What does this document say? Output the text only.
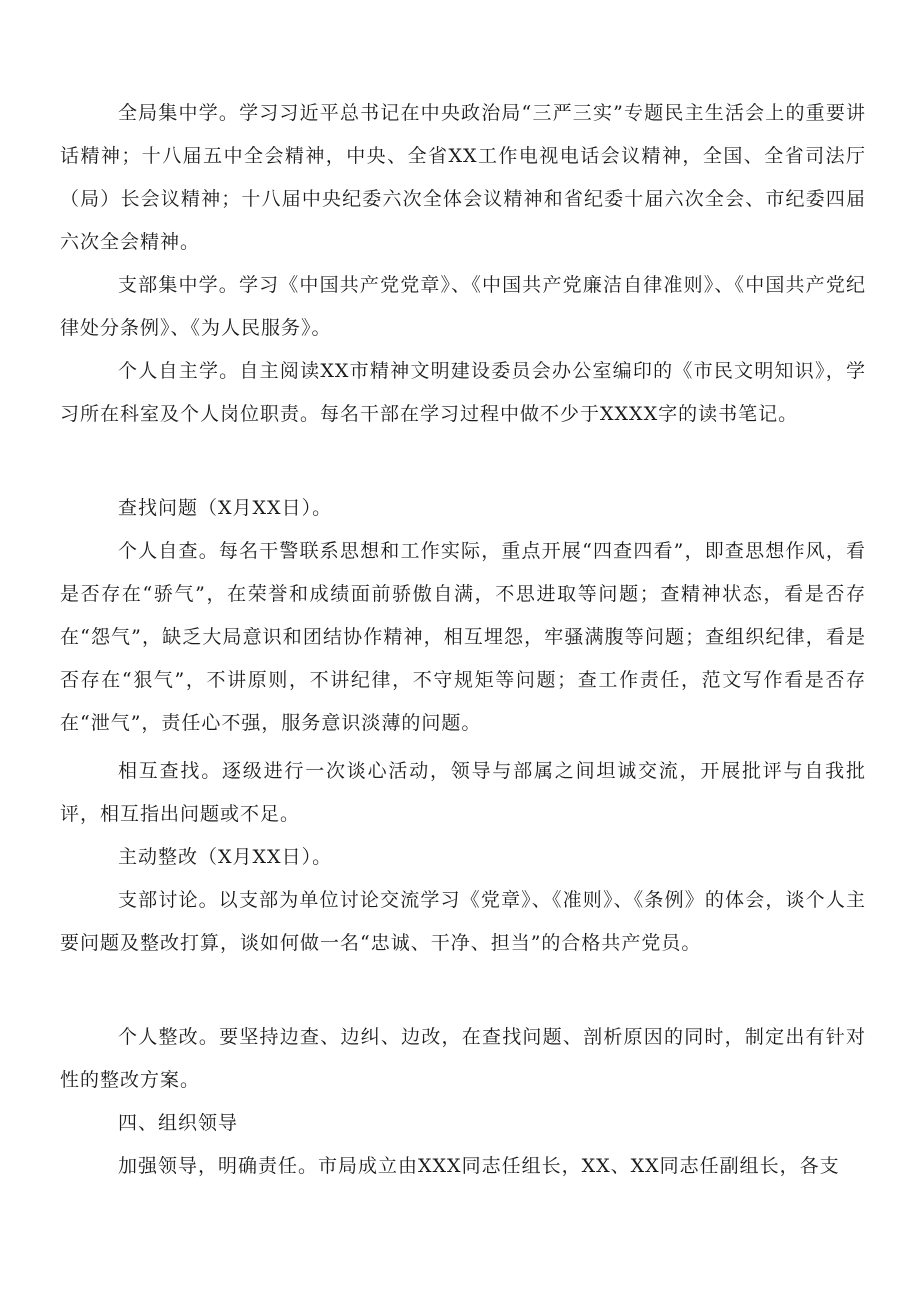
全局集中学。学习习近平总书记在中央政治局“三严三实”专题民主生活会上的重要讲话精神；十八届五中全会精神，中央、全省XX工作电视电话会议精神，全国、全省司法厅（局）长会议精神；十八届中央纪委六次全体会议精神和省纪委十届六次全会、市纪委四届六次全会精神。

支部集中学。学习《中国共产党党章》、《中国共产党廉洁自律准则》、《中国共产党纪律处分条例》、《为人民服务》。

个人自主学。自主阅读XX市精神文明建设委员会办公室编印的《市民文明知识》，学习所在科室及个人岗位职责。每名干部在学习过程中做不少于XXXX字的读书笔记。

查找问题（X月XX日）。

个人自查。每名干警联系思想和工作实际，重点开展“四查四看”，即查思想作风，看是否存在“骄气”，在荣誉和成绩面前骄傲自满，不思进取等问题；查精神状态，看是否存在“怨气”，缺乏大局意识和团结协作精神，相互埋怨，牢骚满腹等问题；查组织纪律，看是否存在“狠气”，不讲原则，不讲纪律，不守规矩等问题；查工作责任，范文写作看是否存在“泄气”，责任心不强，服务意识淡薄的问题。

相互查找。逐级进行一次谈心活动，领导与部属之间坦诚交流，开展批评与自我批评，相互指出问题或不足。

主动整改（X月XX日）。

支部讨论。以支部为单位讨论交流学习《党章》、《准则》、《条例》的体会，谈个人主要问题及整改打算，谈如何做一名“忠诚、干净、担当”的合格共产党员。

个人整改。要坚持边查、边纠、边改，在查找问题、剖析原因的同时，制定出有针对性的整改方案。

四、组织领导

加强领导，明确责任。市局成立由XXX同志任组长，XX、XX同志任副组长，各支
